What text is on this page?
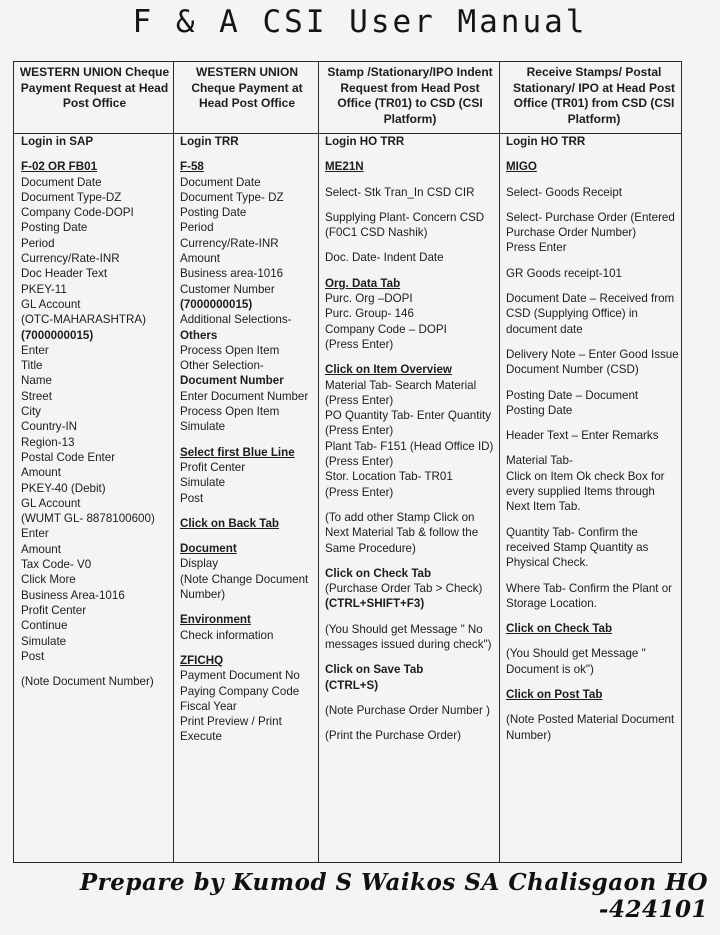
F & A CSI User Manual
WESTERN UNION Cheque Payment Request at Head Post Office
WESTERN UNION Cheque Payment at Head Post Office
Stamp /Stationary/IPO Indent Request from Head Post Office (TR01) to CSD (CSI Platform)
Receive Stamps/ Postal Stationary/ IPO at Head Post Office (TR01) from CSD (CSI Platform)
Login in SAP
F-02 OR FB01
Document Date
Document Type-DZ
Company Code-DOPI
Posting Date
Period
Currency/Rate-INR
Doc Header Text
PKEY-11
GL Account
(OTC-MAHARASHTRA)
(7000000015)
Enter
Title
Name
Street
City
Country-IN
Region-13
Postal Code Enter
Amount
PKEY-40 (Debit)
GL Account
(WUMT GL- 8878100600)
Enter
Amount
Tax Code- V0
Click More
Business Area-1016
Profit Center
Continue
Simulate
Post
(Note Document Number)
Login TRR
F-58
Document Date
Document Type- DZ
Posting Date
Period
Currency/Rate-INR
Amount
Business area-1016
Customer Number
(7000000015)
Additional Selections-
Others
Process Open Item
Other Selection-
Document Number
Enter Document Number
Process Open Item
Simulate
Select first Blue Line
Profit Center
Simulate
Post
Click on Back Tab
Document
Display
(Note Change Document Number)
Environment
Check information
ZFICHQ
Payment Document No
Paying Company Code
Fiscal Year
Print Preview / Print
Execute
Login HO TRR
ME21N
Select- Stk Tran_In CSD CIR
Supplying Plant- Concern CSD (F0C1 CSD Nashik)
Doc. Date- Indent Date
Org. Data Tab
Purc. Org –DOPI
Purc. Group- 146
Company Code – DOPI
(Press Enter)
Click on Item Overview
Material Tab- Search Material
(Press Enter)
PO Quantity Tab- Enter Quantity
(Press Enter)
Plant Tab- F151 (Head Office ID)
(Press Enter)
Stor. Location Tab- TR01
(Press Enter)
(To add other Stamp Click on Next Material Tab & follow the Same Procedure)
Click on Check Tab
(Purchase Order Tab > Check)
(CTRL+SHIFT+F3)
(You Should get Message " No messages issued during check")
Click on Save Tab
(CTRL+S)
(Note Purchase Order Number )
(Print the Purchase Order)
Login HO TRR
MIGO
Select- Goods Receipt
Select- Purchase Order (Entered Purchase Order Number)
Press Enter
GR Goods receipt-101
Document Date – Received from CSD (Supplying Office) in document date
Delivery Note – Enter Good Issue Document Number (CSD)
Posting Date – Document Posting Date
Header Text – Enter Remarks
Material Tab-
Click on Item Ok check Box for every supplied Items through Next Item Tab.
Quantity Tab- Confirm the received Stamp Quantity as Physical Check.
Where Tab- Confirm the Plant or Storage Location.
Click on Check Tab
(You Should get Message " Document is ok")
Click on Post Tab
(Note Posted Material Document Number)
Prepare by Kumod S Waikos SA Chalisgaon HO -424101
